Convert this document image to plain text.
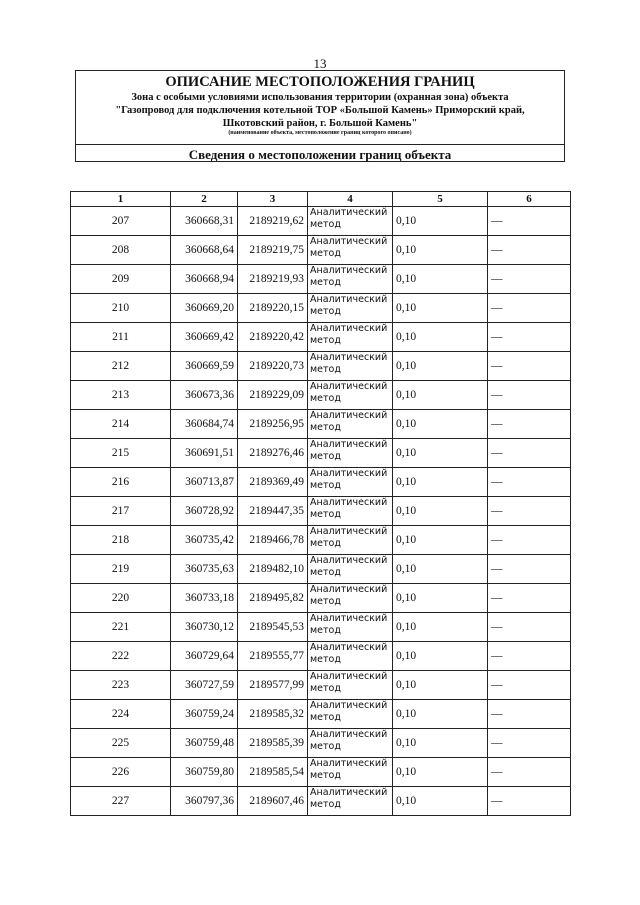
13
ОПИСАНИЕ МЕСТОПОЛОЖЕНИЯ ГРАНИЦ
Зона с особыми условиями использования территории (охранная зона) объекта
"Газопровод для подключения котельной ТОР «Большой Камень» Приморский край,
Шкотовский район, г. Большой Камень"
(наименование объекта, местоположение границ которого описано)
Сведения о местоположении границ объекта
1	2	3	4	5	6
207	360668,31	2189219,62	Аналитический метод	0,10	—
208	360668,64	2189219,75	Аналитический метод	0,10	—
209	360668,94	2189219,93	Аналитический метод	0,10	—
210	360669,20	2189220,15	Аналитический метод	0,10	—
211	360669,42	2189220,42	Аналитический метод	0,10	—
212	360669,59	2189220,73	Аналитический метод	0,10	—
213	360673,36	2189229,09	Аналитический метод	0,10	—
214	360684,74	2189256,95	Аналитический метод	0,10	—
215	360691,51	2189276,46	Аналитический метод	0,10	—
216	360713,87	2189369,49	Аналитический метод	0,10	—
217	360728,92	2189447,35	Аналитический метод	0,10	—
218	360735,42	2189466,78	Аналитический метод	0,10	—
219	360735,63	2189482,10	Аналитический метод	0,10	—
220	360733,18	2189495,82	Аналитический метод	0,10	—
221	360730,12	2189545,53	Аналитический метод	0,10	—
222	360729,64	2189555,77	Аналитический метод	0,10	—
223	360727,59	2189577,99	Аналитический метод	0,10	—
224	360759,24	2189585,32	Аналитический метод	0,10	—
225	360759,48	2189585,39	Аналитический метод	0,10	—
226	360759,80	2189585,54	Аналитический метод	0,10	—
227	360797,36	2189607,46	Аналитический метод	0,10	—
